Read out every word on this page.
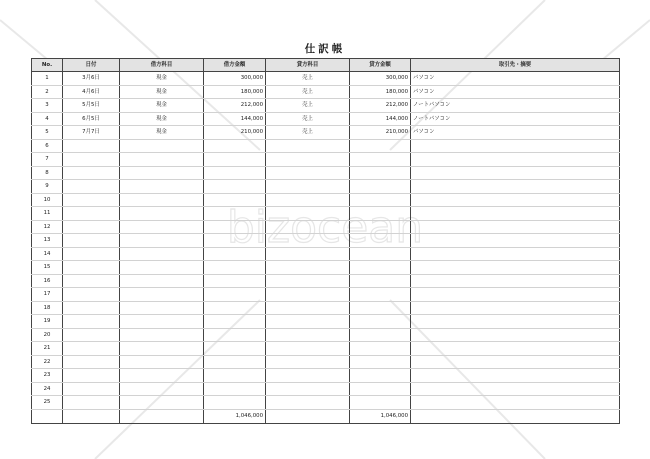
bizocean
仕訳帳
No.	日付	借方科目	借方金額	貸方科目	貸方金額	取引先・摘要
1	3月6日	現金	300,000	売上	300,000	パソコン
2	4月6日	現金	180,000	売上	180,000	パソコン
3	5月5日	現金	212,000	売上	212,000	ノートパソコン
4	6月5日	現金	144,000	売上	144,000	ノートパソコン
5	7月7日	現金	210,000	売上	210,000	パソコン
6						
7						
8						
9						
10						
11						
12						
13						
14						
15						
16						
17						
18						
19						
20						
21						
22						
23						
24						
25						
			1,046,000		1,046,000	
